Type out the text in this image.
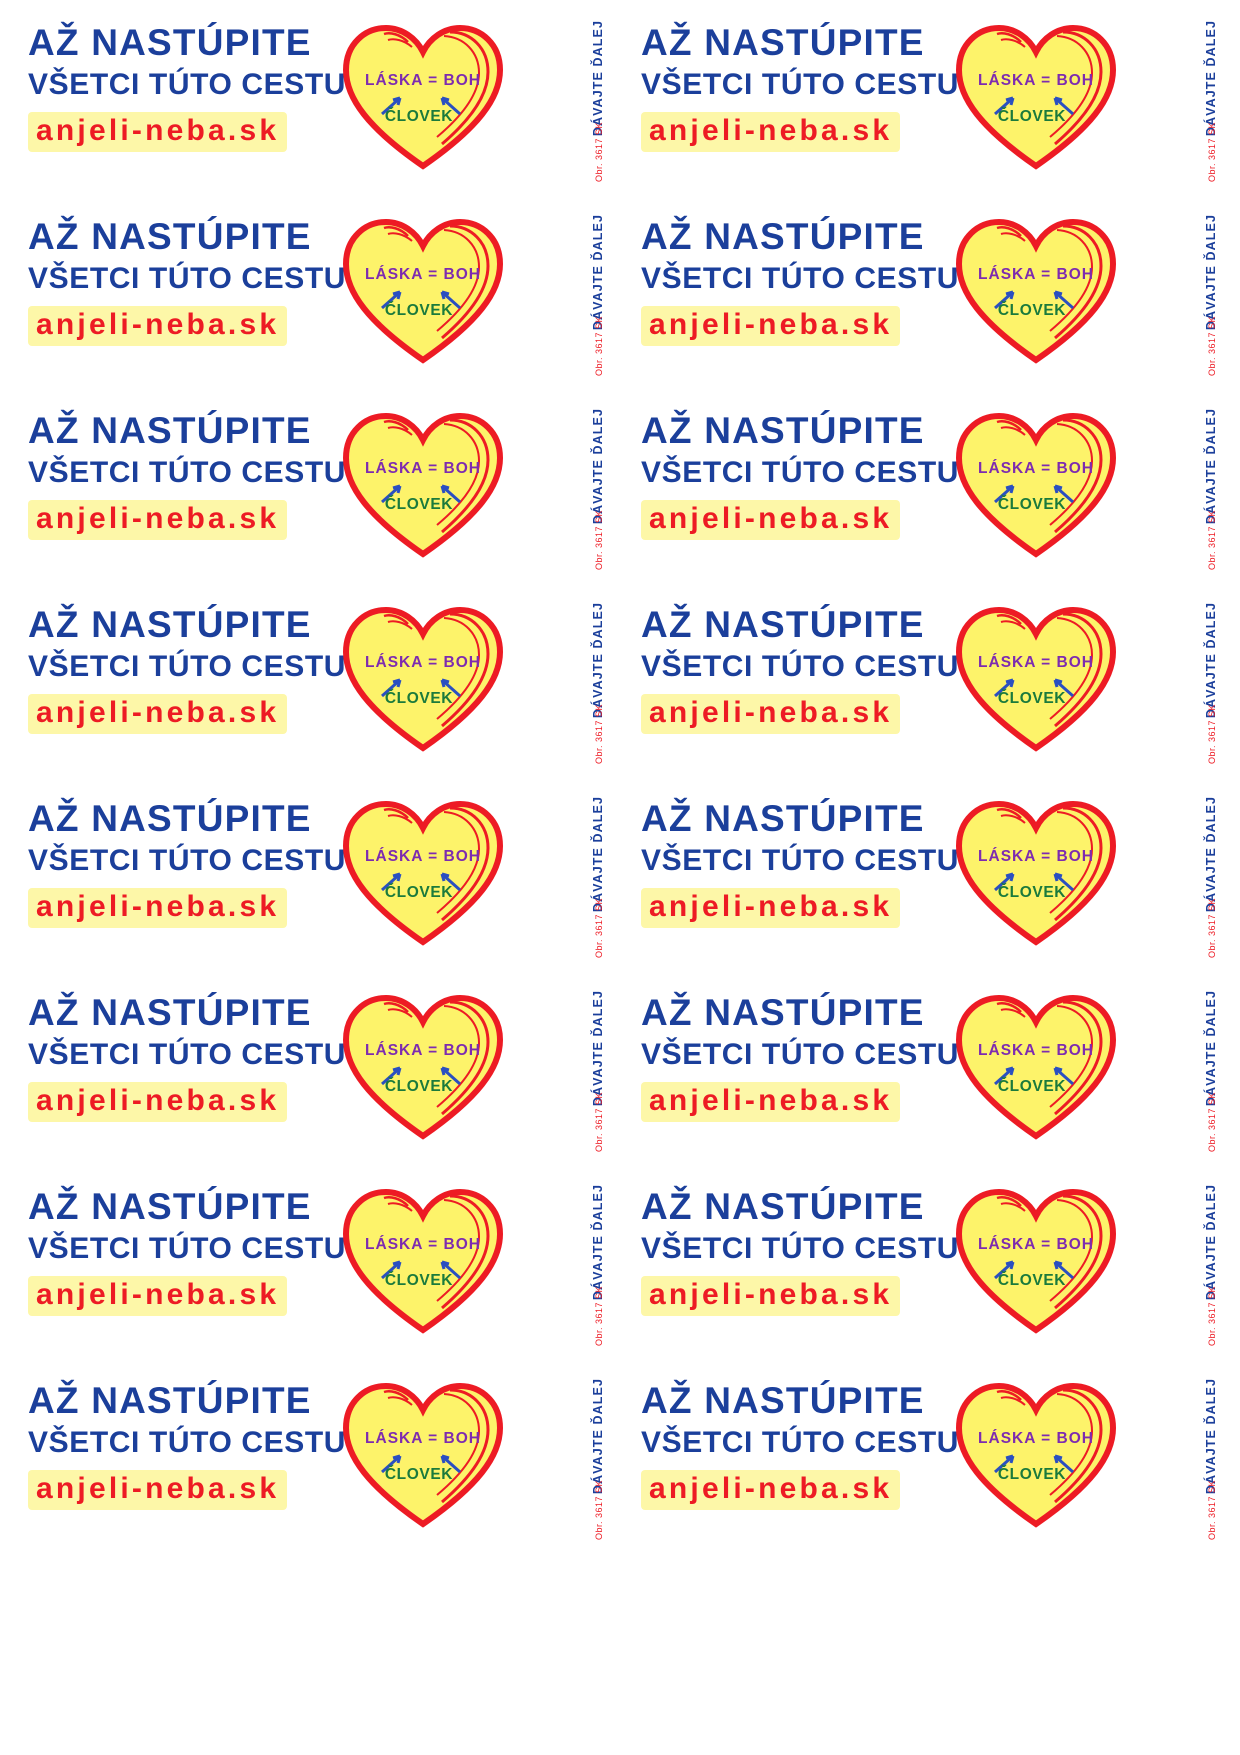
AŽ NASTÚPITE
VŠETCI TÚTO CESTU
anjeli-neba.sk
LÁSKA = BOH
ČLOVEK	DÁVAJTE ĎALEJ
Obr. 3617 SK
AŽ NASTÚPITE
VŠETCI TÚTO CESTU
anjeli-neba.sk
LÁSKA = BOH
ČLOVEK	DÁVAJTE ĎALEJ
Obr. 3617 SK
AŽ NASTÚPITE
VŠETCI TÚTO CESTU
anjeli-neba.sk
LÁSKA = BOH
ČLOVEK	DÁVAJTE ĎALEJ
Obr. 3617 SK
AŽ NASTÚPITE
VŠETCI TÚTO CESTU
anjeli-neba.sk
LÁSKA = BOH
ČLOVEK	DÁVAJTE ĎALEJ
Obr. 3617 SK
AŽ NASTÚPITE
VŠETCI TÚTO CESTU
anjeli-neba.sk
LÁSKA = BOH
ČLOVEK	DÁVAJTE ĎALEJ
Obr. 3617 SK
AŽ NASTÚPITE
VŠETCI TÚTO CESTU
anjeli-neba.sk
LÁSKA = BOH
ČLOVEK	DÁVAJTE ĎALEJ
Obr. 3617 SK
AŽ NASTÚPITE
VŠETCI TÚTO CESTU
anjeli-neba.sk
LÁSKA = BOH
ČLOVEK	DÁVAJTE ĎALEJ
Obr. 3617 SK
AŽ NASTÚPITE
VŠETCI TÚTO CESTU
anjeli-neba.sk
LÁSKA = BOH
ČLOVEK	DÁVAJTE ĎALEJ
Obr. 3617 SK
AŽ NASTÚPITE
VŠETCI TÚTO CESTU
anjeli-neba.sk
LÁSKA = BOH
ČLOVEK	DÁVAJTE ĎALEJ
Obr. 3617 SK
AŽ NASTÚPITE
VŠETCI TÚTO CESTU
anjeli-neba.sk
LÁSKA = BOH
ČLOVEK	DÁVAJTE ĎALEJ
Obr. 3617 SK
AŽ NASTÚPITE
VŠETCI TÚTO CESTU
anjeli-neba.sk
LÁSKA = BOH
ČLOVEK	DÁVAJTE ĎALEJ
Obr. 3617 SK
AŽ NASTÚPITE
VŠETCI TÚTO CESTU
anjeli-neba.sk
LÁSKA = BOH
ČLOVEK	DÁVAJTE ĎALEJ
Obr. 3617 SK
AŽ NASTÚPITE
VŠETCI TÚTO CESTU
anjeli-neba.sk
LÁSKA = BOH
ČLOVEK	DÁVAJTE ĎALEJ
Obr. 3617 SK
AŽ NASTÚPITE
VŠETCI TÚTO CESTU
anjeli-neba.sk
LÁSKA = BOH
ČLOVEK	DÁVAJTE ĎALEJ
Obr. 3617 SK
AŽ NASTÚPITE
VŠETCI TÚTO CESTU
anjeli-neba.sk
LÁSKA = BOH
ČLOVEK	DÁVAJTE ĎALEJ
Obr. 3617 SK
AŽ NASTÚPITE
VŠETCI TÚTO CESTU
anjeli-neba.sk
LÁSKA = BOH
ČLOVEK	DÁVAJTE ĎALEJ
Obr. 3617 SK
